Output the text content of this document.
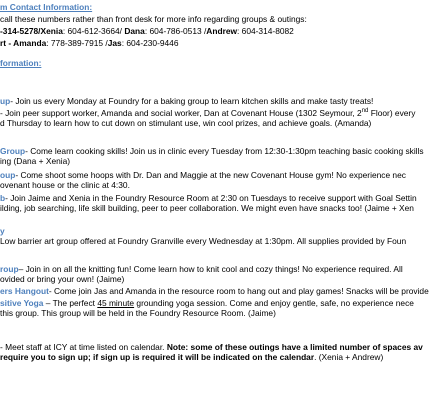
m Contact Information:
call these numbers rather than front desk for more info regarding groups & outings:
-314-5278/Xenia: 604-612-3664/ Dana: 604-786-0513 /Andrew: 604-314-8082
rt - Amanda: 778-389-7915 /Jas: 604-230-9446
formation:
up- Join us every Monday at Foundry for a baking group to learn kitchen skills and make tasty treats!
- Join peer support worker, Amanda and social worker, Dan at Covenant House (1302 Seymour, 2nd Floor) every
d Thursday to learn how to cut down on stimulant use, win cool prizes, and achieve goals. (Amanda)
Group- Come learn cooking skills! Join us in clinic every Tuesday from 12:30-1:30pm teaching basic cooking skills
ing (Dana + Xenia)
oup- Come shoot some hoops with Dr. Dan and Maggie at the new Covenant House gym! No experience nec
ovenant house or the clinic at 4:30.
b- Join Jaime and Xenia in the Foundry Resource Room at 2:30 on Tuesdays to receive support with Goal Settin
ilding, job searching, life skill building, peer to peer collaboration. We might even have snacks too! (Jaime + Xen
y
Low barrier art group offered at Foundry Granville every Wednesday at 1:30pm. All supplies provided by Foun
roup– Join in on all the knitting fun! Come learn how to knit cool and cozy things! No experience required. All
ovided or bring your own! (Jaime)
ers Hangout- Come join Jas and Amanda in the resource room to hang out and play games! Snacks will be provide
sitive Yoga – The perfect 45 minute grounding yoga session. Come and enjoy gentle, safe, no experience nece
this group. This group will be held in the Foundry Resource Room. (Jaime)
- Meet staff at ICY at time listed on calendar. Note: some of these outings have a limited number of spaces av
require you to sign up; if sign up is required it will be indicated on the calendar. (Xenia + Andrew)
